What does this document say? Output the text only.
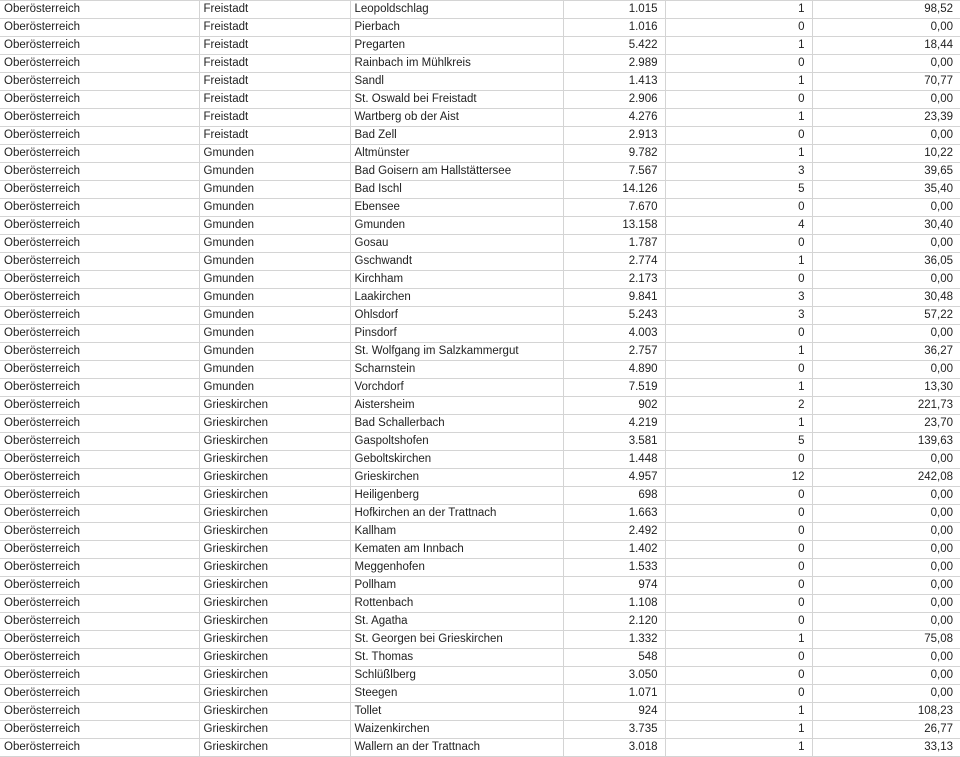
Oberösterreich	Freistadt	Leopoldschlag	1.015	1	98,52
Oberösterreich	Freistadt	Pierbach	1.016	0	0,00
Oberösterreich	Freistadt	Pregarten	5.422	1	18,44
Oberösterreich	Freistadt	Rainbach im Mühlkreis	2.989	0	0,00
Oberösterreich	Freistadt	Sandl	1.413	1	70,77
Oberösterreich	Freistadt	St. Oswald bei Freistadt	2.906	0	0,00
Oberösterreich	Freistadt	Wartberg ob der Aist	4.276	1	23,39
Oberösterreich	Freistadt	Bad Zell	2.913	0	0,00
Oberösterreich	Gmunden	Altmünster	9.782	1	10,22
Oberösterreich	Gmunden	Bad Goisern am Hallstättersee	7.567	3	39,65
Oberösterreich	Gmunden	Bad Ischl	14.126	5	35,40
Oberösterreich	Gmunden	Ebensee	7.670	0	0,00
Oberösterreich	Gmunden	Gmunden	13.158	4	30,40
Oberösterreich	Gmunden	Gosau	1.787	0	0,00
Oberösterreich	Gmunden	Gschwandt	2.774	1	36,05
Oberösterreich	Gmunden	Kirchham	2.173	0	0,00
Oberösterreich	Gmunden	Laakirchen	9.841	3	30,48
Oberösterreich	Gmunden	Ohlsdorf	5.243	3	57,22
Oberösterreich	Gmunden	Pinsdorf	4.003	0	0,00
Oberösterreich	Gmunden	St. Wolfgang im Salzkammergut	2.757	1	36,27
Oberösterreich	Gmunden	Scharnstein	4.890	0	0,00
Oberösterreich	Gmunden	Vorchdorf	7.519	1	13,30
Oberösterreich	Grieskirchen	Aistersheim	902	2	221,73
Oberösterreich	Grieskirchen	Bad Schallerbach	4.219	1	23,70
Oberösterreich	Grieskirchen	Gaspoltshofen	3.581	5	139,63
Oberösterreich	Grieskirchen	Geboltskirchen	1.448	0	0,00
Oberösterreich	Grieskirchen	Grieskirchen	4.957	12	242,08
Oberösterreich	Grieskirchen	Heiligenberg	698	0	0,00
Oberösterreich	Grieskirchen	Hofkirchen an der Trattnach	1.663	0	0,00
Oberösterreich	Grieskirchen	Kallham	2.492	0	0,00
Oberösterreich	Grieskirchen	Kematen am Innbach	1.402	0	0,00
Oberösterreich	Grieskirchen	Meggenhofen	1.533	0	0,00
Oberösterreich	Grieskirchen	Pollham	974	0	0,00
Oberösterreich	Grieskirchen	Rottenbach	1.108	0	0,00
Oberösterreich	Grieskirchen	St. Agatha	2.120	0	0,00
Oberösterreich	Grieskirchen	St. Georgen bei Grieskirchen	1.332	1	75,08
Oberösterreich	Grieskirchen	St. Thomas	548	0	0,00
Oberösterreich	Grieskirchen	Schlüßlberg	3.050	0	0,00
Oberösterreich	Grieskirchen	Steegen	1.071	0	0,00
Oberösterreich	Grieskirchen	Tollet	924	1	108,23
Oberösterreich	Grieskirchen	Waizenkirchen	3.735	1	26,77
Oberösterreich	Grieskirchen	Wallern an der Trattnach	3.018	1	33,13
